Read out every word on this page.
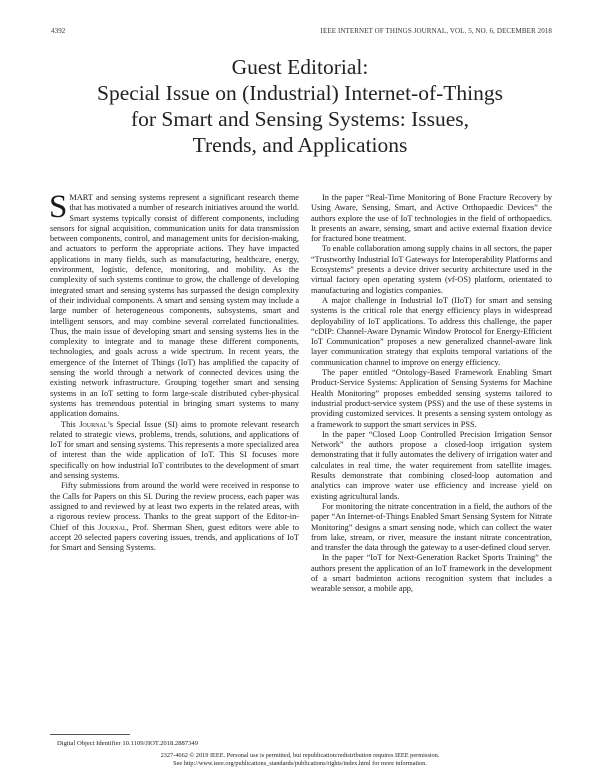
4392	IEEE INTERNET OF THINGS JOURNAL, VOL. 5, NO. 6, DECEMBER 2018
Guest Editorial:
Special Issue on (Industrial) Internet-of-Things
for Smart and Sensing Systems: Issues,
Trends, and Applications

SMART and sensing systems represent a significant research theme that has motivated a number of research initiatives around the world. Smart systems typically consist of different components, including sensors for signal acquisition, communication units for data transmission between components, control, and management units for decision-making, and actuators to perform the appropriate actions. They have impacted applications in many fields, such as manufacturing, healthcare, energy, environment, logistic, defence, monitoring, and mobility. As the complexity of such systems continue to grow, the challenge of developing integrated smart and sensing systems has surpassed the design complexity of their individual components. A smart and sensing system may include a large number of heterogeneous components, subsystems, smart and intelligent sensors, and may combine several correlated functionalities. Thus, the main issue of developing smart and sensing systems lies in the complexity to integrate and to manage these different components, technologies, and goals across a wide spectrum. In recent years, the emergence of the Internet of Things (IoT) has amplified the capacity of sensing the world through a network of connected devices using the existing network infrastructure. Grouping together smart and sensing systems in an IoT setting to form large-scale distributed cyber-physical systems has tremendous potential in bringing smart systems to many application domains.

This Journal’s Special Issue (SI) aims to promote relevant research related to strategic views, problems, trends, solutions, and applications of IoT for smart and sensing systems. This represents a more specialized area of interest than the wide application of IoT. This SI focuses more specifically on how industrial IoT contributes to the development of smart and sensing systems.

Fifty submissions from around the world were received in response to the Calls for Papers on this SI. During the review process, each paper was assigned to and reviewed by at least two experts in the related areas, with a rigorous review process. Thanks to the great support of the Editor-in-Chief of this Journal, Prof. Sherman Shen, guest editors were able to accept 20 selected papers covering issues, trends, and applications of IoT for Smart and Sensing Systems.

In the paper “Real-Time Monitoring of Bone Fracture Recovery by Using Aware, Sensing, Smart, and Active Orthopaedic Devices” the authors explore the use of IoT technologies in the field of orthopaedics. It presents an aware, sensing, smart and active external fixation device for fractured bone treatment.

To enable collaboration among supply chains in all sectors, the paper “Trustworthy Industrial IoT Gateways for Interoperability Platforms and Ecosystems” presents a device driver security architecture used in the virtual factory open operating system (vf-OS) platform, orientated to manufacturing and logistics companies.

A major challenge in Industrial IoT (IIoT) for smart and sensing systems is the critical role that energy efficiency plays in widespread deployability of IoT applications. To address this challenge, the paper “cDIP: Channel-Aware Dynamic Window Protocol for Energy-Efficient IoT Communication” proposes a new generalized channel-aware link layer communication strategy that exploits temporal variations of the communication channel to improve on energy efficiency.

The paper entitled “Ontology-Based Framework Enabling Smart Product-Service Systems: Application of Sensing Systems for Machine Health Monitoring” proposes embedded sensing systems tailored to industrial product-service system (PSS) and the use of these systems in providing customized services. It presents a sensing system ontology as a framework to support the smart services in PSS.

In the paper “Closed Loop Controlled Precision Irrigation Sensor Network” the authors propose a closed-loop irrigation system demonstrating that it fully automates the delivery of irrigation water and calculates in real time, the water requirement from satellite images. Results demonstrate that combining closed-loop automation and analytics can improve water use efficiency and increase yield on existing agricultural lands.

For monitoring the nitrate concentration in a field, the authors of the paper “An Internet-of-Things Enabled Smart Sensing System for Nitrate Monitoring” designs a smart sensing node, which can collect the water from lake, stream, or river, measure the instant nitrate concentration, and transfer the data through the gateway to a user-defined cloud server.

In the paper “IoT for Next-Generation Racket Sports Training” the authors present the application of an IoT framework in the development of a smart badminton actions recognition system that includes a wearable sensor, a mobile app,

Digital Object Identifier 10.1109/JIOT.2018.2887349
2327-4662 © 2019 IEEE. Personal use is permitted, but republication/redistribution requires IEEE permission.
See http://www.ieee.org/publications_standards/publications/rights/index.html for more information.
